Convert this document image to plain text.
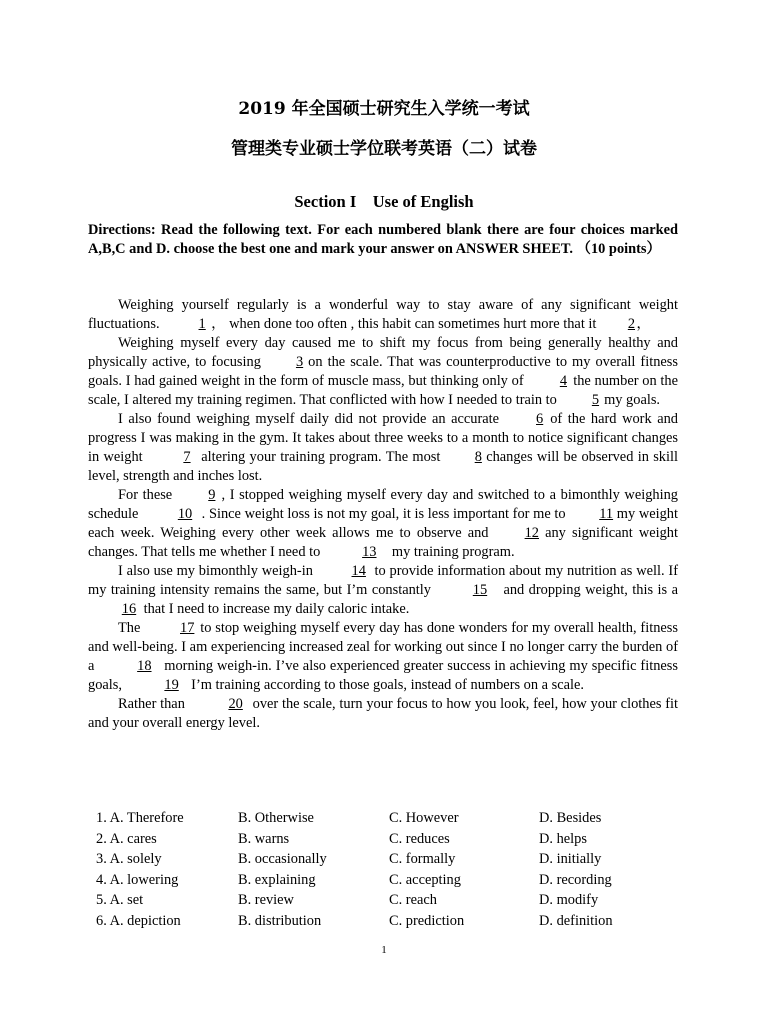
2019 年全国硕士研究生入学统一考试
管理类专业硕士学位联考英语（二）试卷
Section I    Use of English
Directions: Read the following text. For each numbered blank there are four choices marked A,B,C and D. choose the best one and mark your answer on ANSWER SHEET. （10 points）

Weighing yourself regularly is a wonderful way to stay aware of any significant weight fluctuations. 1 ， when done too often , this habit can sometimes hurt more that it 2，

Weighing myself every day caused me to shift my focus from being generally healthy and physically active, to focusing 3 on the scale. That was counterproductive to my overall fitness goals. I had gained weight in the form of muscle mass, but thinking only of 4 the number on the scale, I altered my training regimen. That conflicted with how I needed to train to 5 my goals.

I also found weighing myself daily did not provide an accurate 6 of the hard work and progress I was making in the gym. It takes about three weeks to a month to notice significant changes in weight	7 altering your training program. The most 8 changes will be observed in skill level, strength and inches lost.

For these 9 , I stopped weighing myself every day and switched to a bimonthly weighing schedule 10 . Since weight loss is not my goal, it is less important for me to 11 my weight each week. Weighing every other week allows me to observe and 12 any significant weight changes. That tells me whether I need to	13 my training program.

I also use my bimonthly weigh-in 14 to provide information about my nutrition as well. If my training intensity remains the same, but I’m constantly	15 and dropping weight, this is a 16 that I need to increase my daily caloric intake.

The 17 to stop weighing myself every day has done wonders for my overall health, fitness and well-being. I am experiencing increased zeal for working out since I no longer carry the burden of a	18 morning weigh-in. I’ve also experienced greater success in achieving my specific fitness goals,	19 I’m training according to those goals, instead of numbers on a scale.

Rather than	20 over the scale, turn your focus to how you look, feel, how your clothes fit and your overall energy level.

1. A. Therefore	B. Otherwise	C. However	D. Besides
2. A. cares	B. warns	C. reduces	D. helps
3. A. solely	B. occasionally	C. formally	D. initially
4. A. lowering	B. explaining	C. accepting	D. recording
5. A. set	B. review	C. reach	D. modify
6. A. depiction	B. distribution	C. prediction	D. definition
1
